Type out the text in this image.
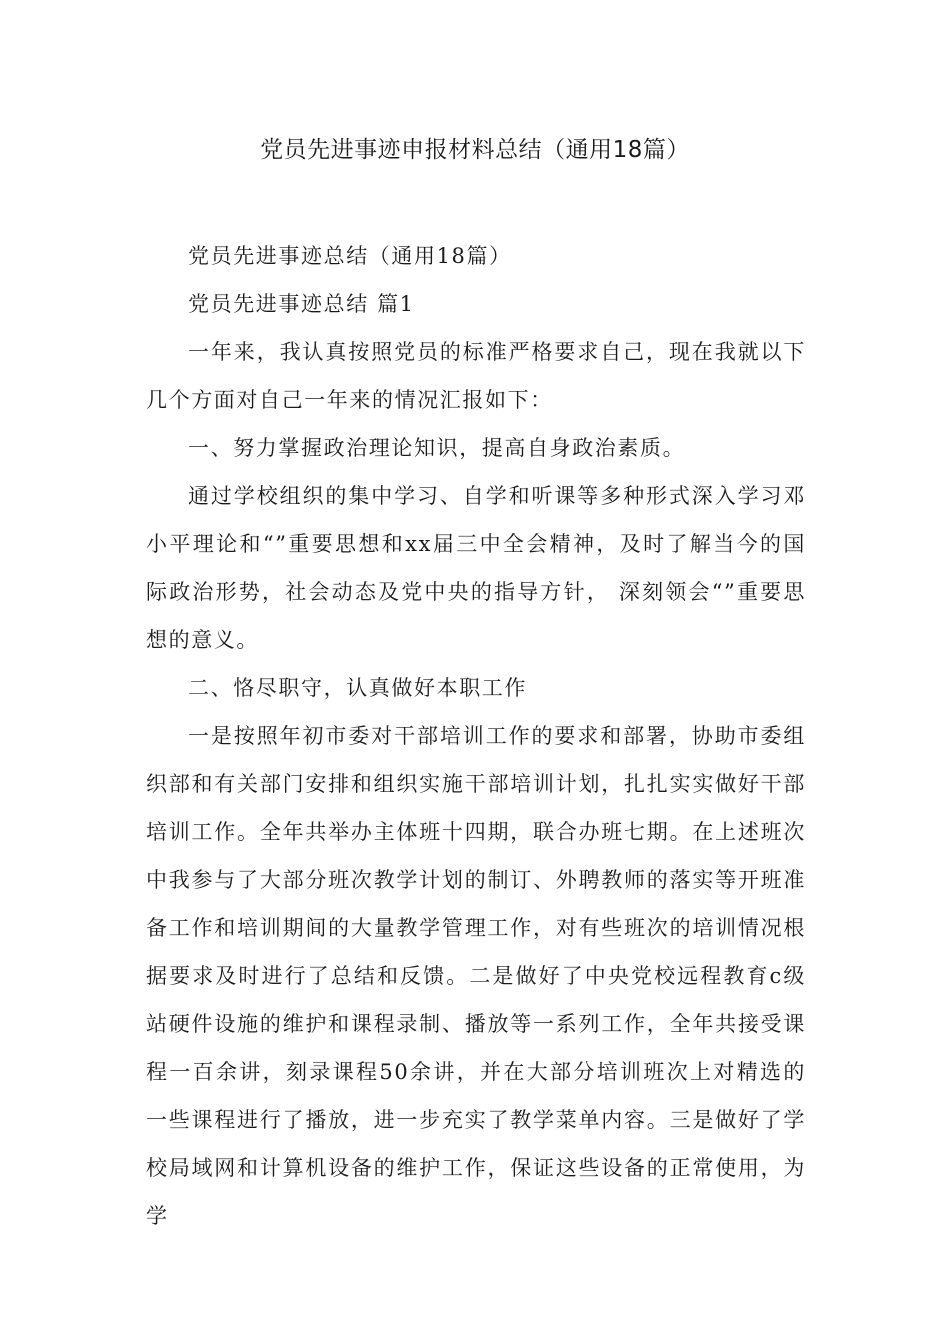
党员先进事迹申报材料总结（通用18篇）

党员先进事迹总结（通用18篇）

党员先进事迹总结 篇1

一年来，我认真按照党员的标准严格要求自己，现在我就以下几个方面对自己一年来的情况汇报如下：

一、努力掌握政治理论知识，提高自身政治素质。

通过学校组织的集中学习、自学和听课等多种形式深入学习邓小平理论和“”重要思想和xx届三中全会精神，及时了解当今的国际政治形势，社会动态及党中央的指导方针， 深刻领会“”重要思想的意义。

二、恪尽职守，认真做好本职工作

一是按照年初市委对干部培训工作的要求和部署，协助市委组织部和有关部门安排和组织实施干部培训计划，扎扎实实做好干部培训工作。全年共举办主体班十四期，联合办班七期。在上述班次中我参与了大部分班次教学计划的制订、外聘教师的落实等开班准备工作和培训期间的大量教学管理工作，对有些班次的培训情况根据要求及时进行了总结和反馈。二是做好了中央党校远程教育c级站硬件设施的维护和课程录制、播放等一系列工作，全年共接受课程一百余讲，刻录课程50余讲，并在大部分培训班次上对精选的一些课程进行了播放，进一步充实了教学菜单内容。三是做好了学校局域网和计算机设备的维护工作，保证这些设备的正常使用，为学
